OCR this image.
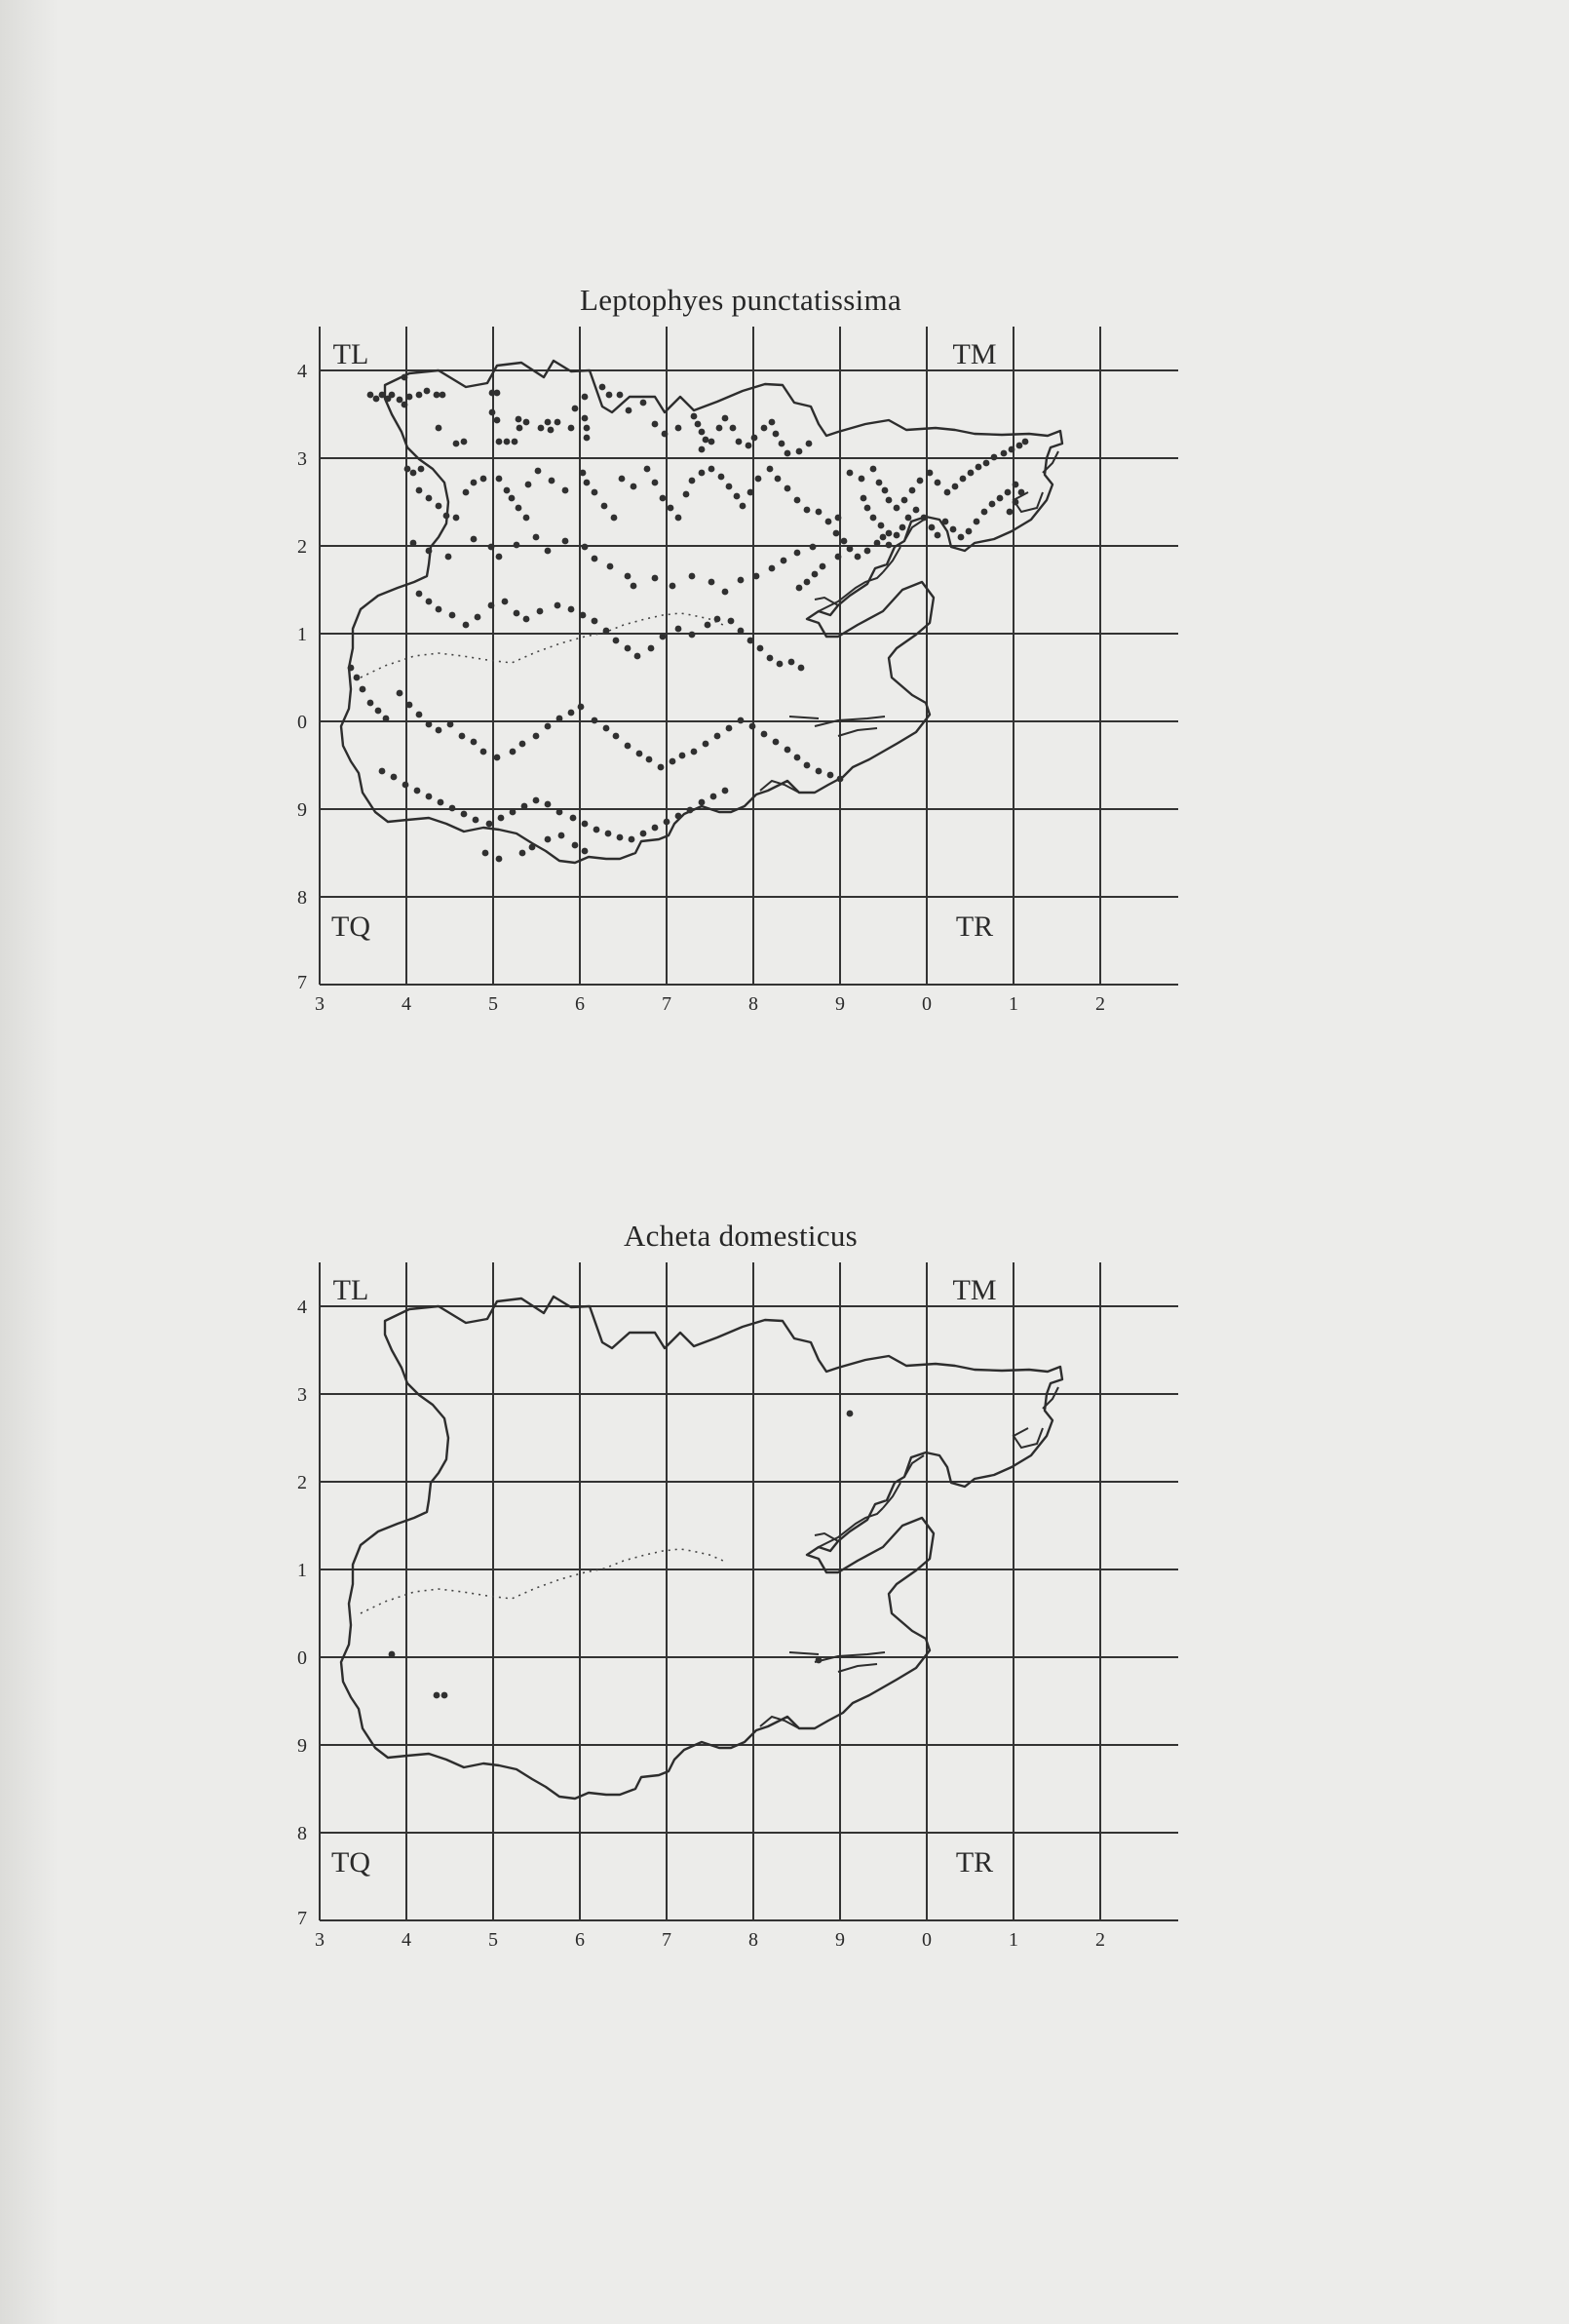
Leptophyes punctatissima
4
3
2
1
0
9
8
7
3	4	5	6	7	8	9	0	1	2
TL	TM
TQ	TR
Acheta domesticus
4
3
2
1
0
9
8
7
3	4	5	6	7	8	9	0	1	2
TL	TM
TQ	TR
